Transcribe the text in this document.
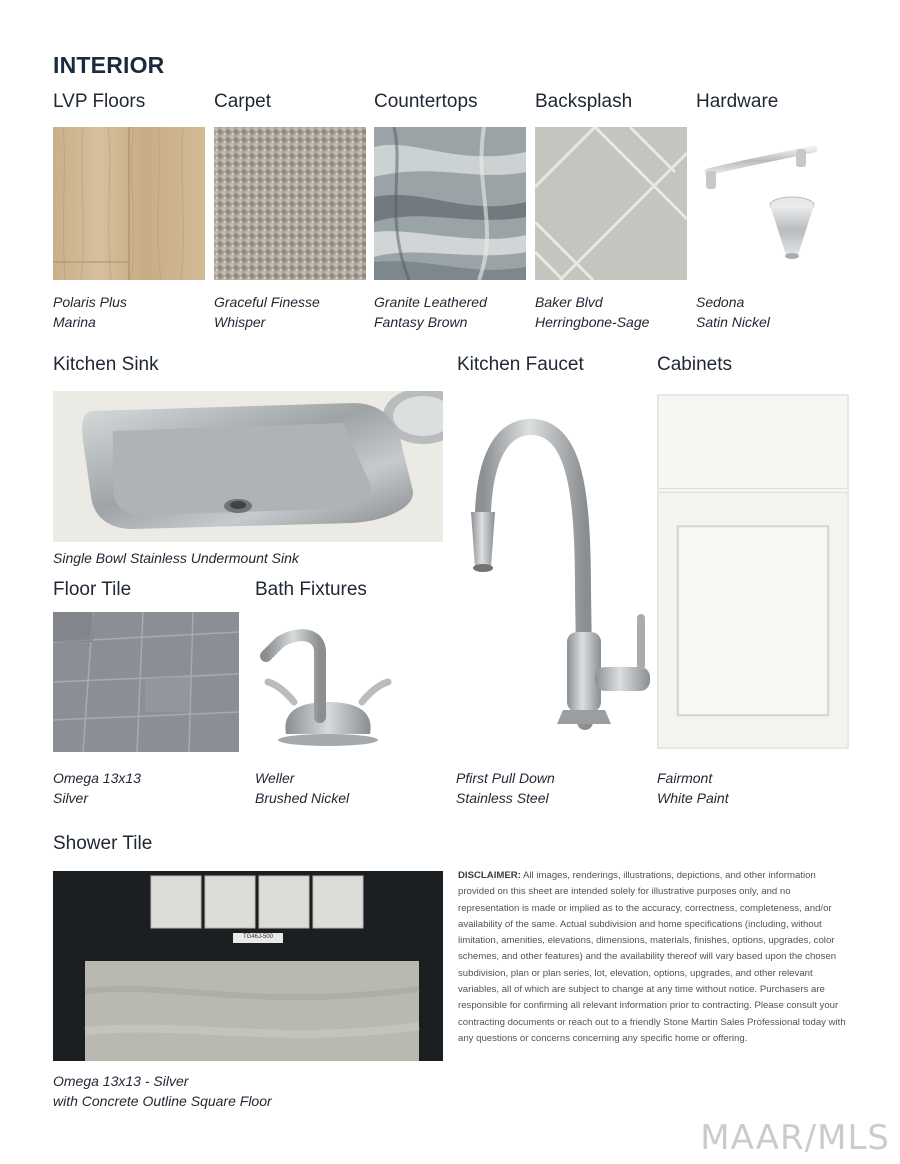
INTERIOR
LVP Floors	Carpet	Countertops	Backsplash	Hardware
Polaris Plus
Marina
Graceful Finesse
Whisper
Granite Leathered
Fantasy Brown
Baker Blvd
Herringbone-Sage
Sedona
Satin Nickel
Kitchen Sink	Kitchen Faucet	Cabinets
Single Bowl Stainless Undermount Sink
Floor Tile	Bath Fixtures
Omega 13x13
Silver
Weller
Brushed Nickel
Pfirst Pull Down
Stainless Steel
Fairmont
White Paint
Shower Tile
TG46J-500
Omega 13x13 - Silver
with Concrete Outline Square Floor
DISCLAIMER: All images, renderings, illustrations, depictions, and other information provided on this sheet are intended solely for illustrative purposes only, and no representation is made or implied as to the accuracy, correctness, completeness, and/or availability of the same. Actual subdivision and home specifications (including, without limitation, amenities, elevations, dimensions, materials, finishes, options, upgrades, color schemes, and other features) and the availability thereof will vary based upon the chosen subdivision, plan or plan series, lot, elevation, options, upgrades, and other relevant variables, all of which are subject to change at any time without notice. Purchasers are responsible for confirming all relevant information prior to contracting. Please consult your contracting documents or reach out to a friendly Stone Martin Sales Professional today with any questions or concerns concerning any specific home or offering.
MAAR/MLS
